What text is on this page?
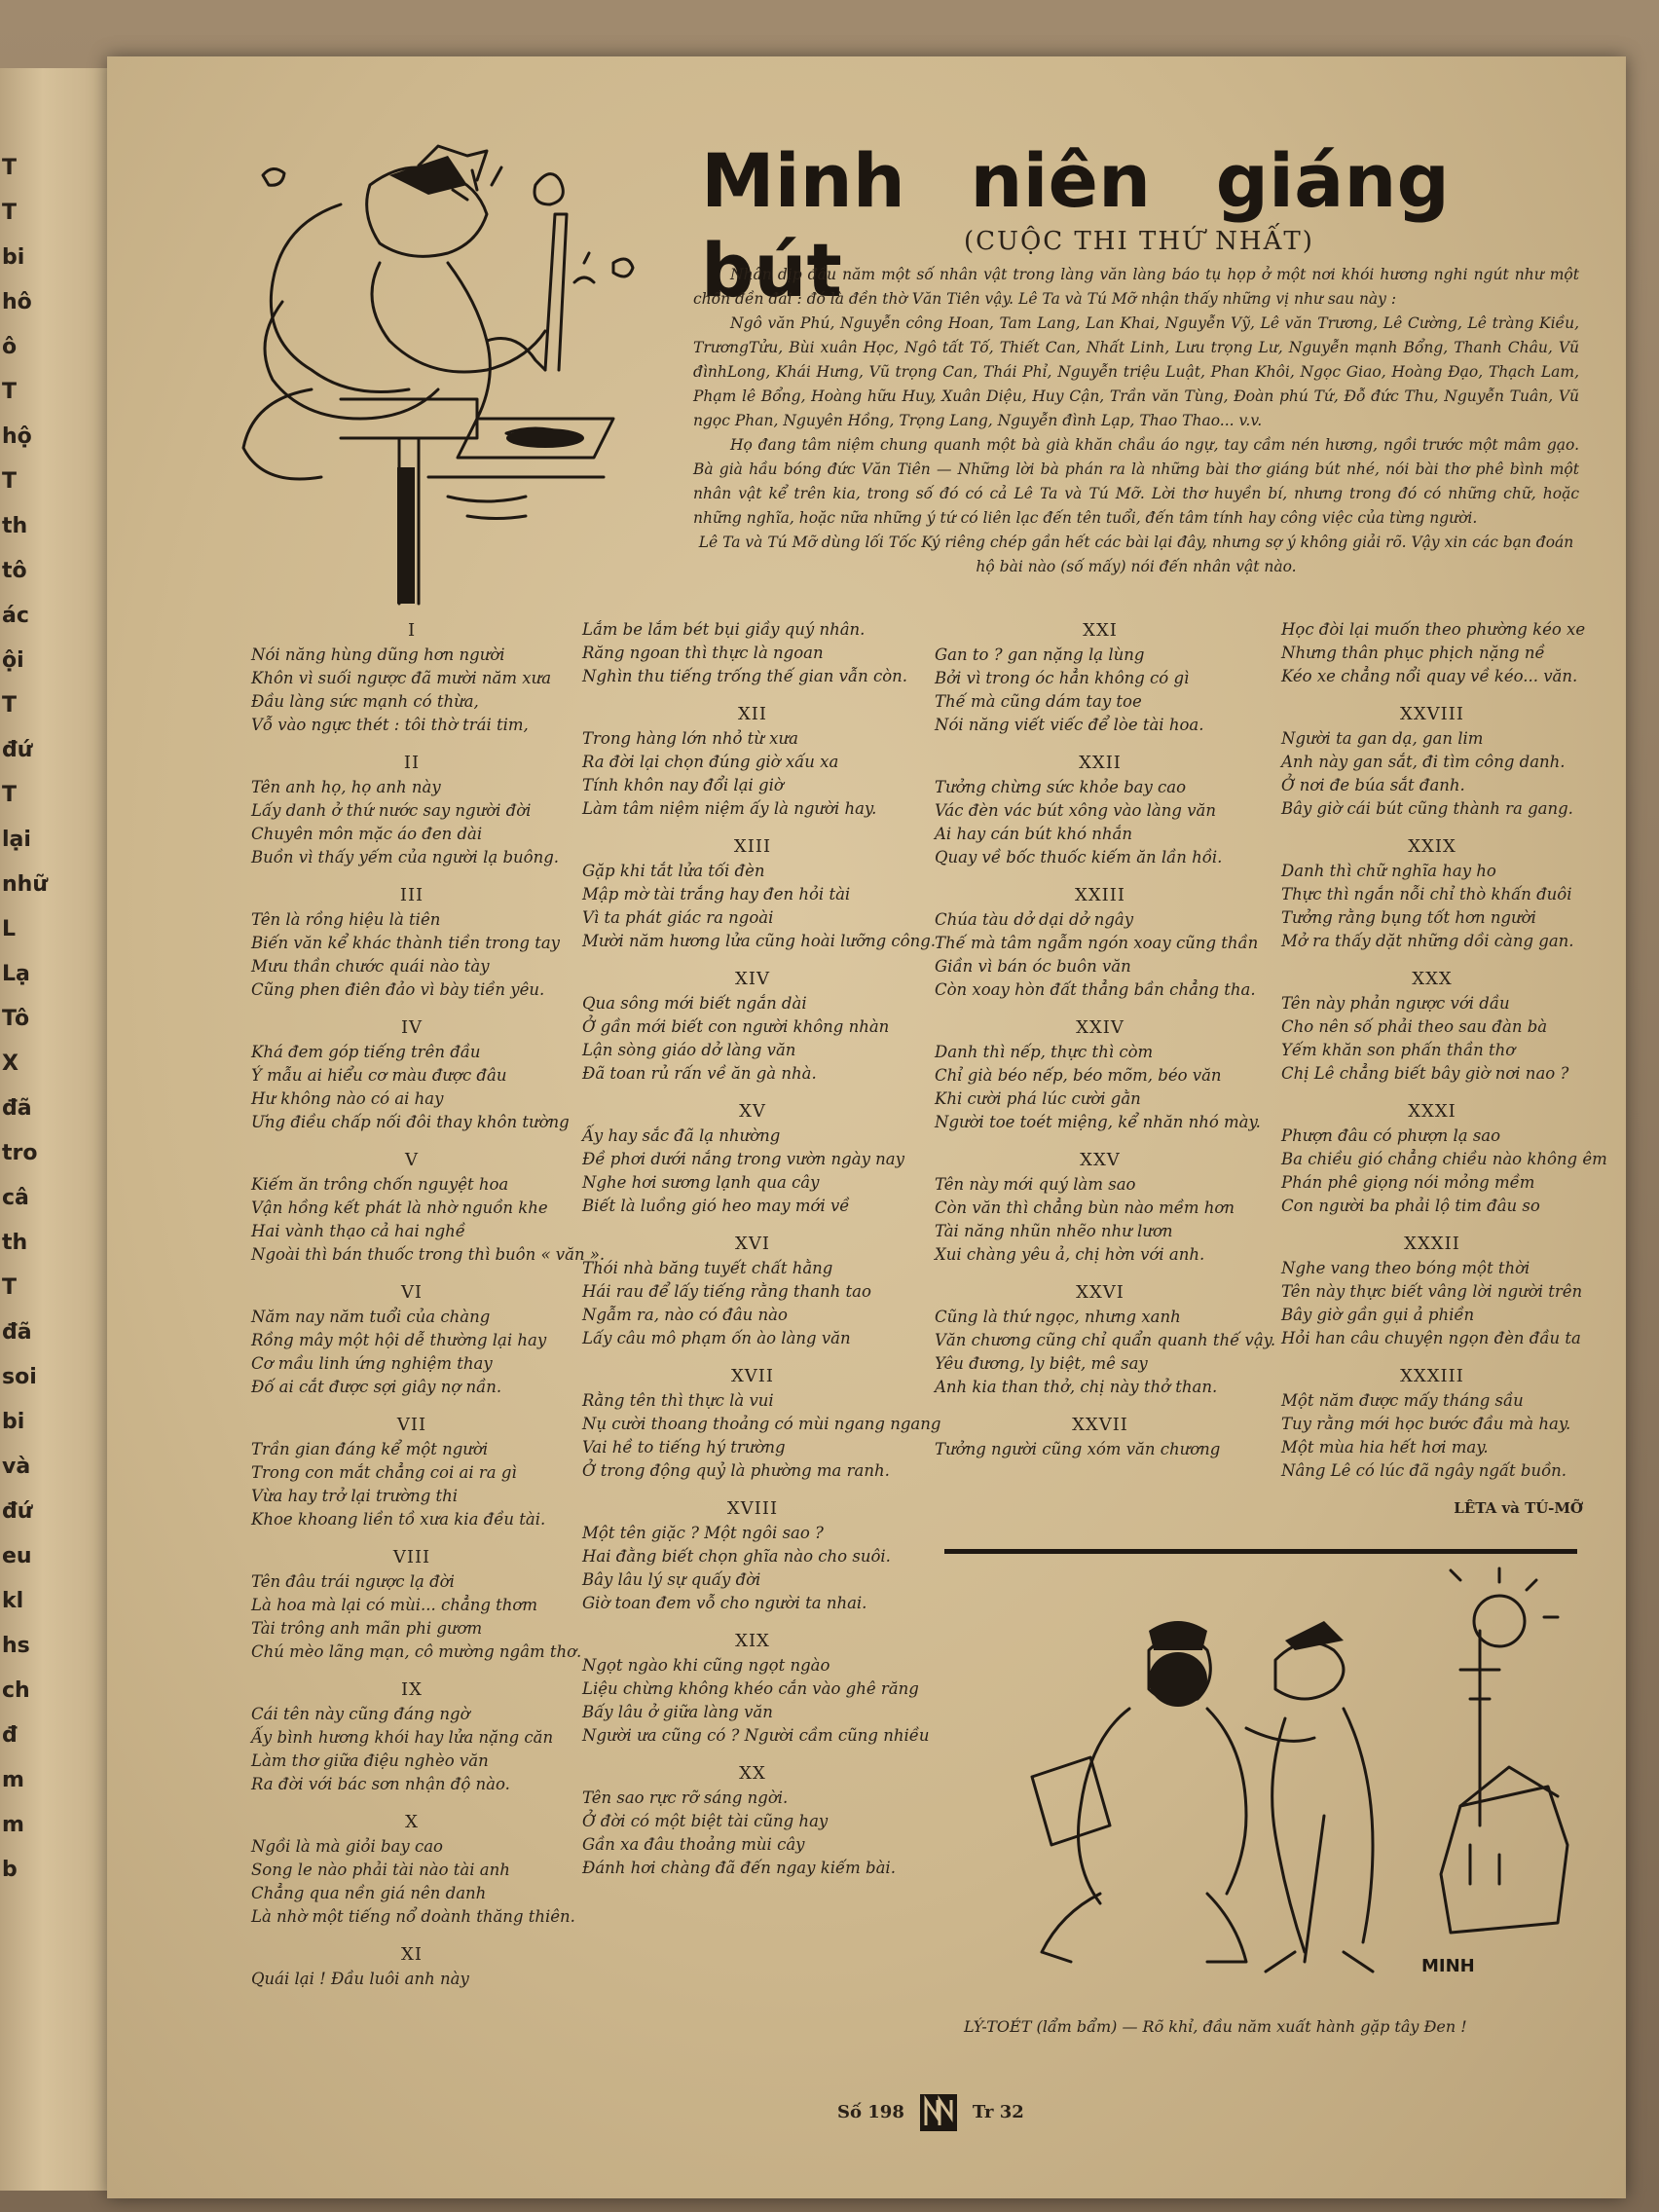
T
T
bi
hô
ô
T
hộ
T
th
tô
ác
ội
T
đứ
T
lại
nhữ
L
Lạ
Tô
X
đã
tro
câ
th
T
đã
soi
bi
và
đứ
eu
kl
hs
ch
đ
m
m
b
Minh niên giáng bút	(CUỘC THI THỨ NHẤT)

Nhân dịp đầu năm một số nhân vật trong làng văn làng báo tụ họp ở một nơi khói hương nghi ngút như một chốn đền đài : đó là đền thờ Văn Tiên vậy. Lê Ta và Tú Mỡ nhận thấy những vị như sau này :

Ngô văn Phú, Nguyễn công Hoan, Tam Lang, Lan Khai, Nguyễn Vỹ, Lê văn Trương, Lê Cường, Lê tràng Kiều, TrươngTửu, Bùi xuân Học, Ngô tất Tố, Thiết Can, Nhất Linh, Lưu trọng Lư, Nguyễn mạnh Bổng, Thanh Châu, Vũ đìnhLong, Khái Hưng, Vũ trọng Can, Thái Phỉ, Nguyễn triệu Luật, Phan Khôi, Ngọc Giao, Hoàng Đạo, Thạch Lam, Phạm lê Bổng, Hoàng hữu Huy, Xuân Diệu, Huy Cận, Trần văn Tùng, Đoàn phú Tứ, Đỗ đức Thu, Nguyễn Tuân, Vũ ngọc Phan, Nguyên Hồng, Trọng Lang, Nguyễn đình Lạp, Thao Thao... v.v.

Họ đang tâm niệm chung quanh một bà già khăn chầu áo ngự, tay cầm nén hương, ngồi trước một mâm gạo. Bà già hầu bóng đức Văn Tiên — Những lời bà phán ra là những bài thơ giáng bút nhé, nói bài thơ phê bình một nhân vật kể trên kia, trong số đó có cả Lê Ta và Tú Mỡ. Lời thơ huyền bí, nhưng trong đó có những chữ, hoặc những nghĩa, hoặc nữa những ý tứ có liên lạc đến tên tuổi, đến tâm tính hay công việc của từng người.

Lê Ta và Tú Mỡ dùng lối Tốc Ký riêng chép gần hết các bài lại đây, nhưng sợ ý không giải rõ. Vậy xin các bạn đoán hộ bài nào (số mấy) nói đến nhân vật nào.

I
Nói năng hùng dũng hơn người
Khôn vì suối ngược đã mười năm xưa
Đầu làng sức mạnh có thừa,
Vỗ vào ngực thét : tôi thờ trái tim,
II
Tên anh họ, họ anh này
Lấy danh ở thứ nước say người đời
Chuyên môn mặc áo đen dài
Buồn vì thấy yếm của người lạ buông.
III
Tên là rồng hiệu là tiên
Biến văn kể khác thành tiền trong tay
Mưu thần chước quái nào tày
Cũng phen điên đảo vì bày tiền yêu.
IV
Khá đem góp tiếng trên đầu
Ý mẫu ai hiểu cơ màu được đâu
Hư không nào có ai hay
Ưng điều chấp nối đôi thay khôn tường
V
Kiếm ăn trông chốn nguyệt hoa
Vận hồng kết phát là nhờ nguồn khe
Hai vành thạo cả hai nghề
Ngoài thì bán thuốc trong thì buôn « văn ».
VI
Năm nay năm tuổi của chàng
Rồng mây một hội dễ thường lại hay
Cơ mầu linh ứng nghiệm thay
Đố ai cắt được sợi giây nợ nần.
VII
Trần gian đáng kể một người
Trong con mắt chẳng coi ai ra gì
Vừa hay trở lại trường thi
Khoe khoang liền tồ xưa kia đều tài.
VIII
Tên đâu trái ngược lạ đời
Là hoa mà lại có mùi... chẳng thơm
Tài trông anh mãn phi gươm
Chú mèo lãng mạn, cô mường ngâm thơ.
IX
Cái tên này cũng đáng ngờ
Ấy bình hương khói hay lửa nặng căn
Làm thơ giữa điệu nghèo văn
Ra đời với bác sơn nhận độ nào.
X
Ngồi là mà giỏi bay cao
Song le nào phải tài nào tài anh
Chẳng qua nền giá nên danh
Là nhờ một tiếng nổ doành thăng thiên.
XI
Quái lại ! Đầu luôi anh này
Lắm be lắm bét bụi giầy quý nhân.
Răng ngoan thì thực là ngoan
Nghìn thu tiếng trống thế gian vẫn còn.
XII
Trong hàng lớn nhỏ từ xưa
Ra đời lại chọn đúng giờ xấu xa
Tính khôn nay đổi lại giờ
Làm tâm niệm niệm ấy là người hay.
XIII
Gặp khi tắt lửa tối đèn
Mập mờ tài trắng hay đen hỏi tài
Vì ta phát giác ra ngoài
Mười năm hương lửa cũng hoài lưỡng công.
XIV
Qua sông mới biết ngắn dài
Ở gần mới biết con người không nhàn
Lận sòng giáo dở làng văn
Đã toan rủ rấn về ăn gà nhà.
XV
Ấy hay sắc đã lạ nhường
Đề phơi dưới nắng trong vườn ngày nay
Nghe hơi sương lạnh qua cây
Biết là luồng gió heo may mới về
XVI
Thói nhà băng tuyết chất hằng
Hái rau để lấy tiếng rằng thanh tao
Ngẫm ra, nào có đâu nào
Lấy câu mô phạm ốn ào làng văn
XVII
Rằng tên thì thực là vui
Nụ cười thoang thoảng có mùi ngang ngang
Vai hề to tiếng hý trường
Ở trong động quỷ là phường ma ranh.
XVIII
Một tên giặc ? Một ngôi sao ?
Hai đằng biết chọn ghĩa nào cho suôi.
Bây lâu lý sự quấy đời
Giờ toan đem vỗ cho người ta nhai.
XIX
Ngọt ngào khi cũng ngọt ngào
Liệu chừng không khéo cắn vào ghê răng
Bấy lâu ở giữa làng văn
Người ưa cũng có ? Người cầm cũng nhiều
XX
Tên sao rực rỡ sáng ngời.
Ở đời có một biệt tài cũng hay
Gần xa đâu thoảng mùi cây
Đánh hơi chàng đã đến ngay kiếm bài.
XXI
Gan to ? gan nặng lạ lùng
Bởi vì trong óc hẳn không có gì
Thế mà cũng dám tay toe
Nói năng viết viếc để lòe tài hoa.
XXII
Tưởng chừng sức khỏe bay cao
Vác đèn vác bút xông vào làng văn
Ai hay cán bút khó nhắn
Quay về bốc thuốc kiếm ăn lần hồi.
XXIII
Chúa tàu dở dại dở ngây
Thế mà tâm ngẫm ngón xoay cũng thần
Giần vì bán óc buôn văn
Còn xoay hòn đất thẳng bần chẳng tha.
XXIV
Danh thì nếp, thực thì còm
Chỉ già béo nếp, béo mõm, béo văn
Khi cười phá lúc cười gằn
Người toe toét miệng, kể nhăn nhó mày.
XXV
Tên này mới quý làm sao
Còn văn thì chẳng bùn nào mềm hơn
Tài năng nhũn nhẽo như lươn
Xui chàng yêu ả, chị hờn với anh.
XXVI
Cũng là thứ ngọc, nhưng xanh
Văn chương cũng chỉ quẩn quanh thế vậy.
Yêu đương, ly biệt, mê say
Anh kia than thở, chị này thở than.
XXVII
Tưởng người cũng xóm văn chương
Học đòi lại muốn theo phường kéo xe
Nhưng thân phục phịch nặng nề
Kéo xe chẳng nổi quay về kéo... văn.
XXVIII
Người ta gan dạ, gan lim
Anh này gan sắt, đi tìm công danh.
Ở nơi đe búa sắt đanh.
Bây giờ cái bút cũng thành ra gang.
XXIX
Danh thì chữ nghĩa hay ho
Thực thì ngắn nỗi chỉ thò khấn đuôi
Tưởng rằng bụng tốt hơn người
Mở ra thấy dặt những dồi càng gan.
XXX
Tên này phản ngược với dầu
Cho nên số phải theo sau đàn bà
Yếm khăn son phấn thần thơ
Chị Lê chẳng biết bây giờ nơi nao ?
XXXI
Phượn đâu có phượn lạ sao
Ba chiều gió chẳng chiều nào không êm
Phán phê giọng nói mỏng mềm
Con người ba phải lộ tim đâu so
XXXII
Nghe vang theo bóng một thời
Tên này thực biết vâng lời người trên
Bây giờ gần gụi ả phiền
Hỏi han câu chuyện ngọn đèn đầu ta
XXXIII
Một năm được mấy tháng sầu
Tuy rằng mới học bước đầu mà hay.
Một mùa hia hết hơi may.
Nâng Lê có lúc đã ngây ngất buồn.
LÊTA và TÚ-MỠ
MINH
LÝ-TOÉT (lẩm bẩm) — Rõ khỉ, đầu năm xuất hành gặp tây Đen !
Số 198	Tr 32
